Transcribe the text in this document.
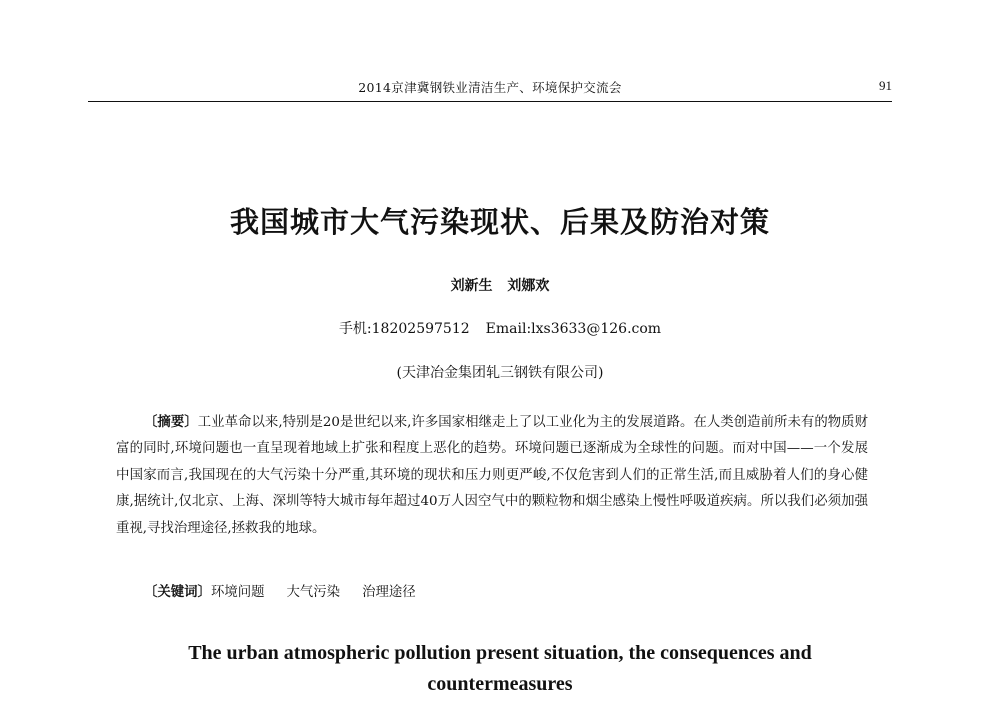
2014京津冀钢铁业清洁生产、环境保护交流会	91
我国城市大气污染现状、后果及防治对策
刘新生 刘娜欢
手机:18202597512 Email:lxs3633@126.com
(天津冶金集团轧三钢铁有限公司)

〔摘要〕工业革命以来,特别是20是世纪以来,许多国家相继走上了以工业化为主的发展道路。在人类创造前所未有的物质财富的同时,环境问题也一直呈现着地域上扩张和程度上恶化的趋势。环境问题已逐渐成为全球性的问题。而对中国——一个发展中国家而言,我国现在的大气污染十分严重,其环境的现状和压力则更严峻,不仅危害到人们的正常生活,而且威胁着人们的身心健康,据统计,仅北京、上海、深圳等特大城市每年超过40万人因空气中的颗粒物和烟尘感染上慢性呼吸道疾病。所以我们必须加强重视,寻找治理途径,拯救我的地球。

〔关键词〕环境问题 大气污染 治理途径
The urban atmospheric pollution present situation, the consequences and countermeasures
